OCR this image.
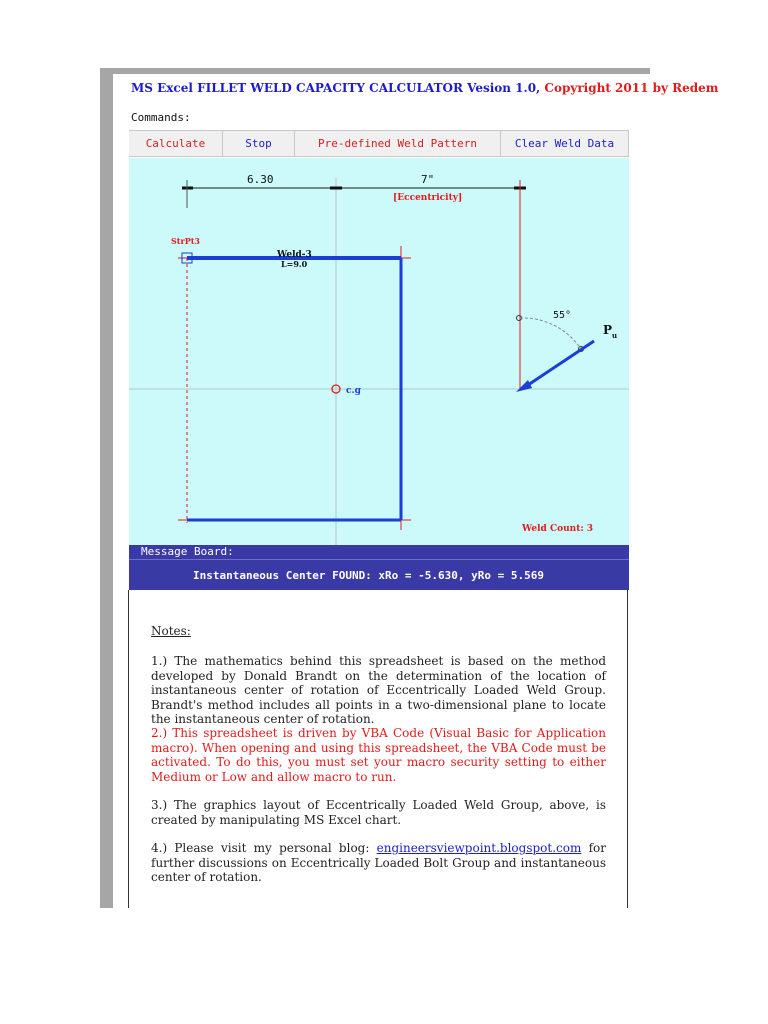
MS Excel FILLET WELD CAPACITY CALCULATOR Vesion 1.0, Copyright 2011 by Redem
Commands:
Calculate	Stop	Pre-defined Weld Pattern	Clear Weld Data
6.30	7"
[Eccentricity]
StrPt3
Weld-3
L=9.0
c.g
55°
$P_u$
Weld Count: 3
Message Board:
Instantaneous Center FOUND: xRo = -5.630, yRo = 5.569
Notes:
1.) The mathematics behind this spreadsheet is based on the method developed by Donald Brandt on the determination of the location of instantaneous center of rotation of Eccentrically Loaded Weld Group. Brandt's method includes all points in a two-dimensional plane to locate the instantaneous center of rotation.
2.) This spreadsheet is driven by VBA Code (Visual Basic for Application macro). When opening and using this spreadsheet, the VBA Code must be activated. To do this, you must set your macro security setting to either Medium or Low and allow macro to run.
3.) The graphics layout of Eccentrically Loaded Weld Group, above, is created by manipulating MS Excel chart.
4.) Please visit my personal blog: engineersviewpoint.blogspot.com for further discussions on Eccentrically Loaded Bolt Group and instantaneous center of rotation.
